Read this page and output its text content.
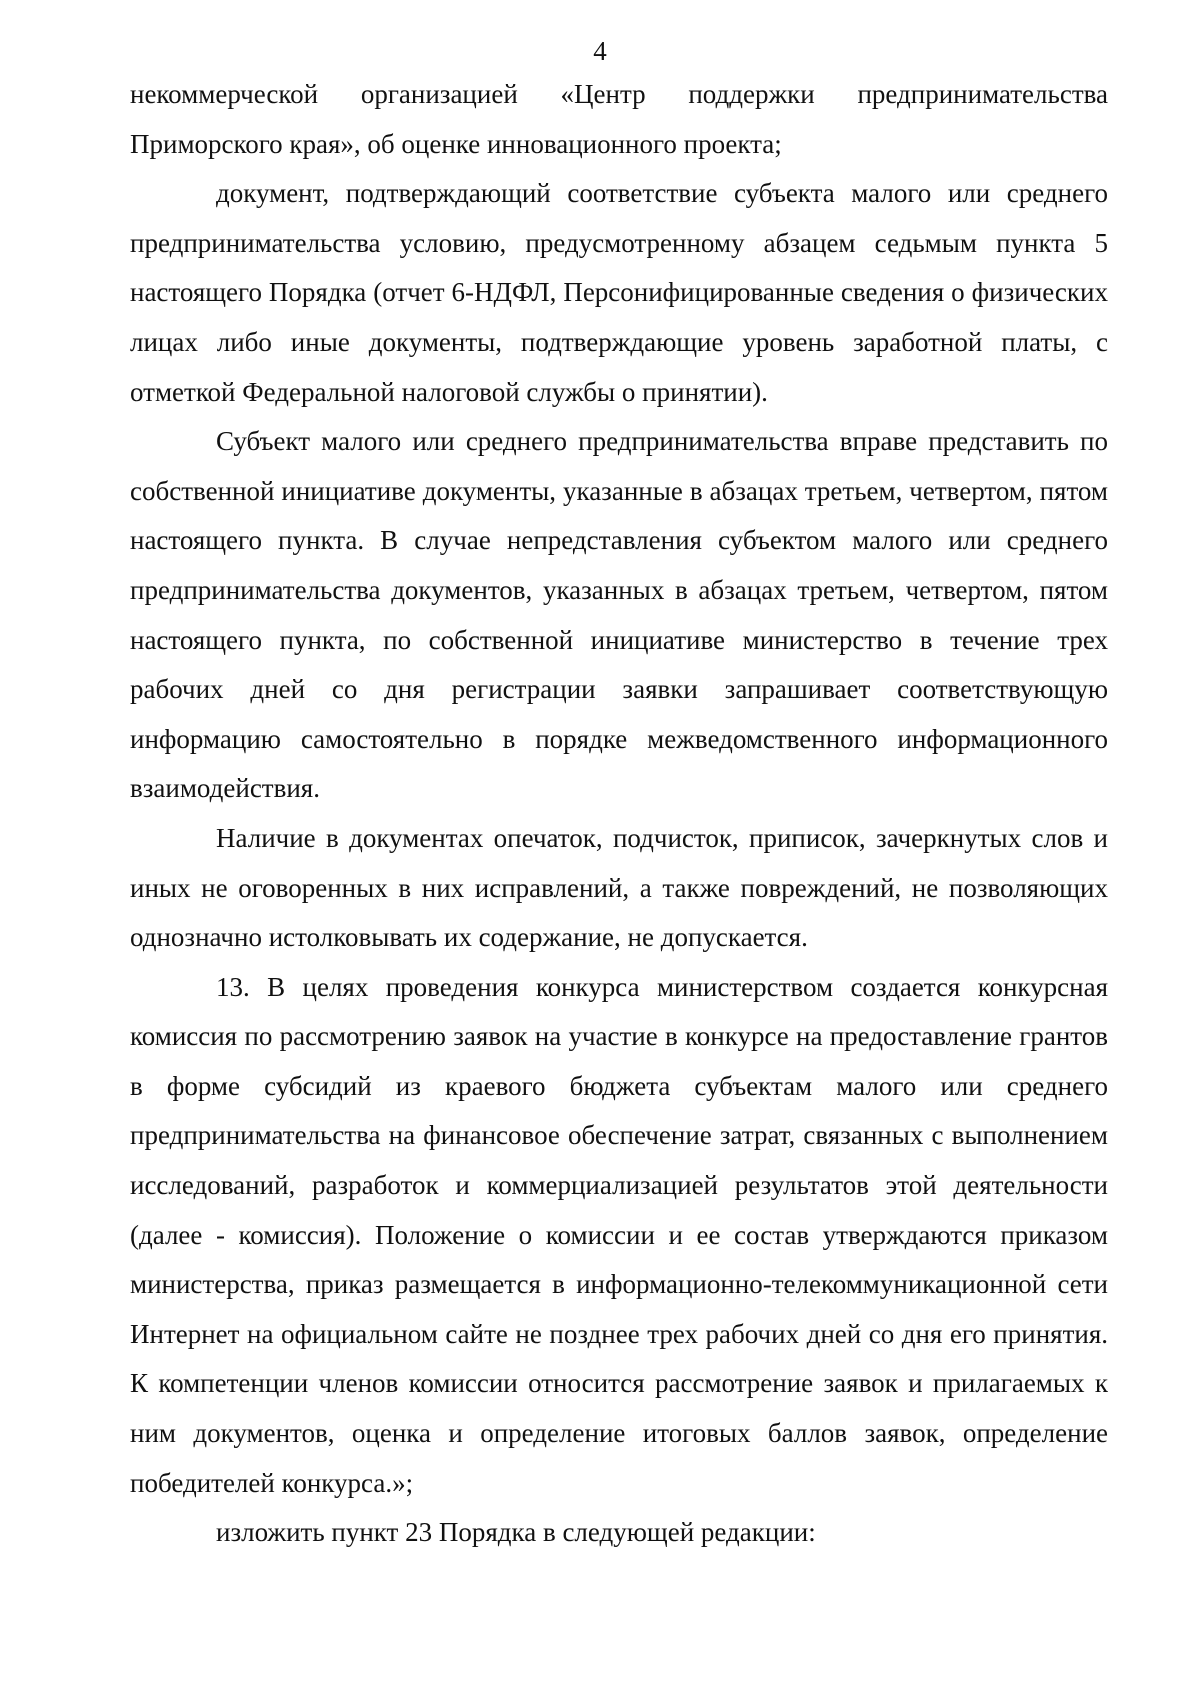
4

некоммерческой организацией «Центр поддержки предпринимательства Приморского края», об оценке инновационного проекта;

документ, подтверждающий соответствие субъекта малого или среднего предпринимательства условию, предусмотренному абзацем седьмым пункта 5 настоящего Порядка (отчет 6-НДФЛ, Персонифицированные сведения о физических лицах либо иные документы, подтверждающие уровень заработной платы, с отметкой Федеральной налоговой службы о принятии).

Субъект малого или среднего предпринимательства вправе представить по собственной инициативе документы, указанные в абзацах третьем, четвертом, пятом настоящего пункта. В случае непредставления субъектом малого или среднего предпринимательства документов, указанных в абзацах третьем, четвертом, пятом настоящего пункта, по собственной инициативе министерство в течение трех рабочих дней со дня регистрации заявки запрашивает соответствующую информацию самостоятельно в порядке межведомственного информационного взаимодействия.

Наличие в документах опечаток, подчисток, приписок, зачеркнутых слов и иных не оговоренных в них исправлений, а также повреждений, не позволяющих однозначно истолковывать их содержание, не допускается.

13. В целях проведения конкурса министерством создается конкурсная комиссия по рассмотрению заявок на участие в конкурсе на предоставление грантов в форме субсидий из краевого бюджета субъектам малого или среднего предпринимательства на финансовое обеспечение затрат, связанных с выполнением исследований, разработок и коммерциализацией результатов этой деятельности (далее - комиссия). Положение о комиссии и ее состав утверждаются приказом министерства, приказ размещается в информационно-телекоммуникационной сети Интернет на официальном сайте не позднее трех рабочих дней со дня его принятия. К компетенции членов комиссии относится рассмотрение заявок и прилагаемых к ним документов, оценка и определение итоговых баллов заявок, определение победителей конкурса.»;

изложить пункт 23 Порядка в следующей редакции:
